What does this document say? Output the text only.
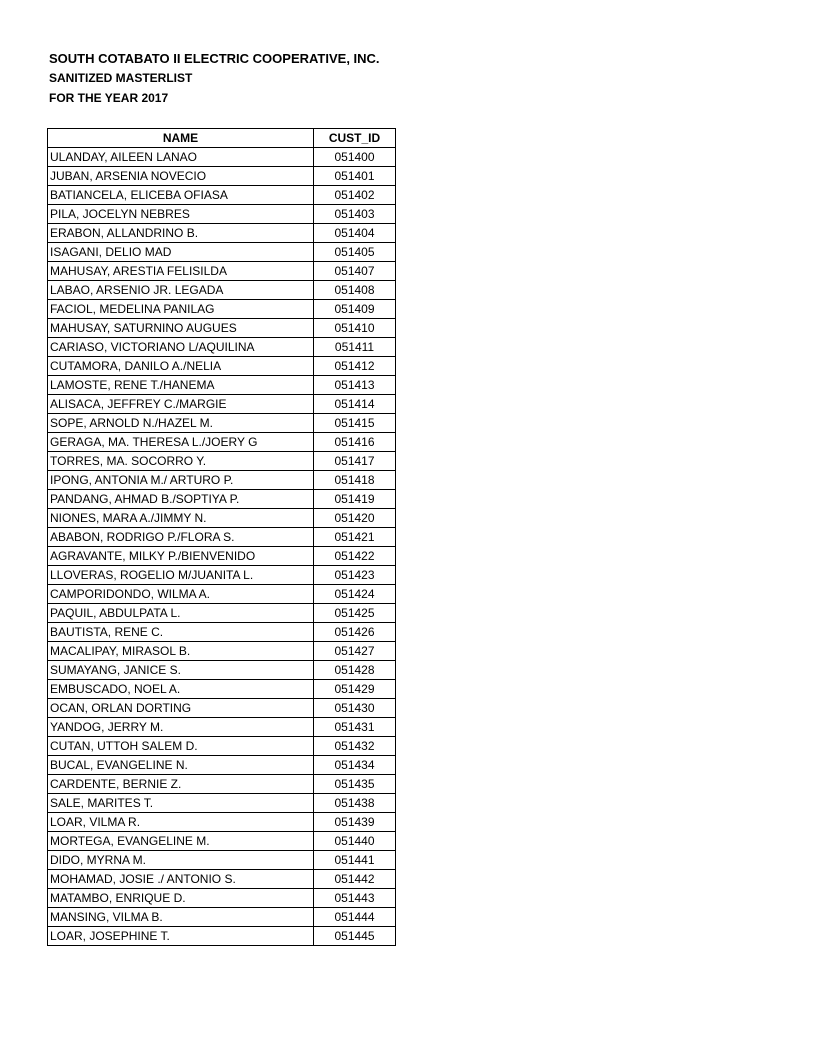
SOUTH COTABATO II ELECTRIC COOPERATIVE, INC.
SANITIZED MASTERLIST
FOR THE YEAR 2017
NAME	CUST_ID
ULANDAY, AILEEN LANAO	051400
JUBAN, ARSENIA NOVECIO	051401
BATIANCELA, ELICEBA OFIASA	051402
PILA, JOCELYN NEBRES	051403
ERABON, ALLANDRINO B.	051404
ISAGANI, DELIO MAD	051405
MAHUSAY, ARESTIA FELISILDA	051407
LABAO, ARSENIO JR. LEGADA	051408
FACIOL, MEDELINA PANILAG	051409
MAHUSAY, SATURNINO AUGUES	051410
CARIASO, VICTORIANO L/AQUILINA	051411
CUTAMORA, DANILO A./NELIA	051412
LAMOSTE, RENE T./HANEMA	051413
ALISACA, JEFFREY C./MARGIE	051414
SOPE, ARNOLD N./HAZEL M.	051415
GERAGA, MA. THERESA L./JOERY G	051416
TORRES, MA. SOCORRO Y.	051417
IPONG, ANTONIA M./ ARTURO P.	051418
PANDANG, AHMAD B./SOPTIYA P.	051419
NIONES, MARA A./JIMMY N.	051420
ABABON, RODRIGO P./FLORA S.	051421
AGRAVANTE, MILKY P./BIENVENIDO	051422
LLOVERAS, ROGELIO M/JUANITA L.	051423
CAMPORIDONDO, WILMA A.	051424
PAQUIL, ABDULPATA L.	051425
BAUTISTA, RENE C.	051426
MACALIPAY, MIRASOL B.	051427
SUMAYANG, JANICE S.	051428
EMBUSCADO, NOEL A.	051429
OCAN, ORLAN DORTING	051430
YANDOG, JERRY M.	051431
CUTAN, UTTOH SALEM D.	051432
BUCAL, EVANGELINE N.	051434
CARDENTE, BERNIE Z.	051435
SALE, MARITES T.	051438
LOAR, VILMA R.	051439
MORTEGA, EVANGELINE M.	051440
DIDO, MYRNA M.	051441
MOHAMAD, JOSIE ./ ANTONIO S.	051442
MATAMBO, ENRIQUE D.	051443
MANSING, VILMA B.	051444
LOAR, JOSEPHINE T.	051445
